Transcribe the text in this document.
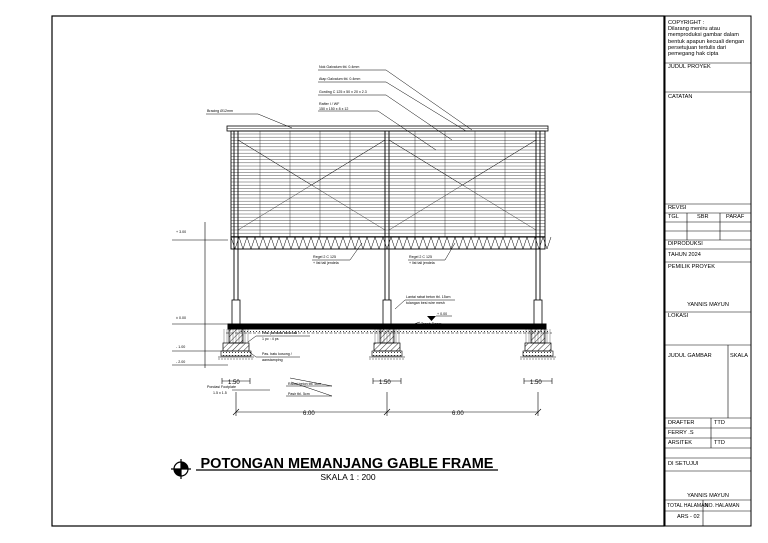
Nok Galvalum tbl. 0.4mm
Atap Galvalum tbl. 0.4mm
Gording C 125 x 50 x 20 x 2.3
Rafter I / WF
150 x 150 x 8 x 12
Bracing Ø12mm
Regel 2 C 125
+ list tali jendela
Regel 2 C 125
+ list tali jendela
Lantai rabat beton tbl. 15cm
tulangan besi wire mesh
+ 0.00
Tanah Dasar
Pas. pondasi batu kali
1 pc : 4 ps
Pas. batu kosong /
aanstamping
Pondasi Footplate
1.5 x 1.5
Rabat beton tbl. 5cm
Pasir tbl. 5cm
+ 3.00
± 0.00
- 1.00
- 2.00
1.50	1.50	1.50
6.00	6.00
POTONGAN MEMANJANG GABLE FRAME
SKALA 1 : 200
COPYRIGHT :
Dilarang meniru atau memproduksi gambar dalam bentuk apapun kecuali dengan persetujuan tertulis dari pemegang hak cipta
JUDUL PROYEK
CATATAN
REVISI
TGL	SBR	PARAF
DIPRODUKSI
TAHUN 2024
PEMILIK PROYEK
YANNIS MAYUN
LOKASI
JUDUL GAMBAR	SKALA
DRAFTER	TTD
FERRY .S
ARSITEK	TTD
DI SETUJUI
YANNIS MAYUN
TOTAL HALAMAN
NO. HALAMAN
ARS - 02
